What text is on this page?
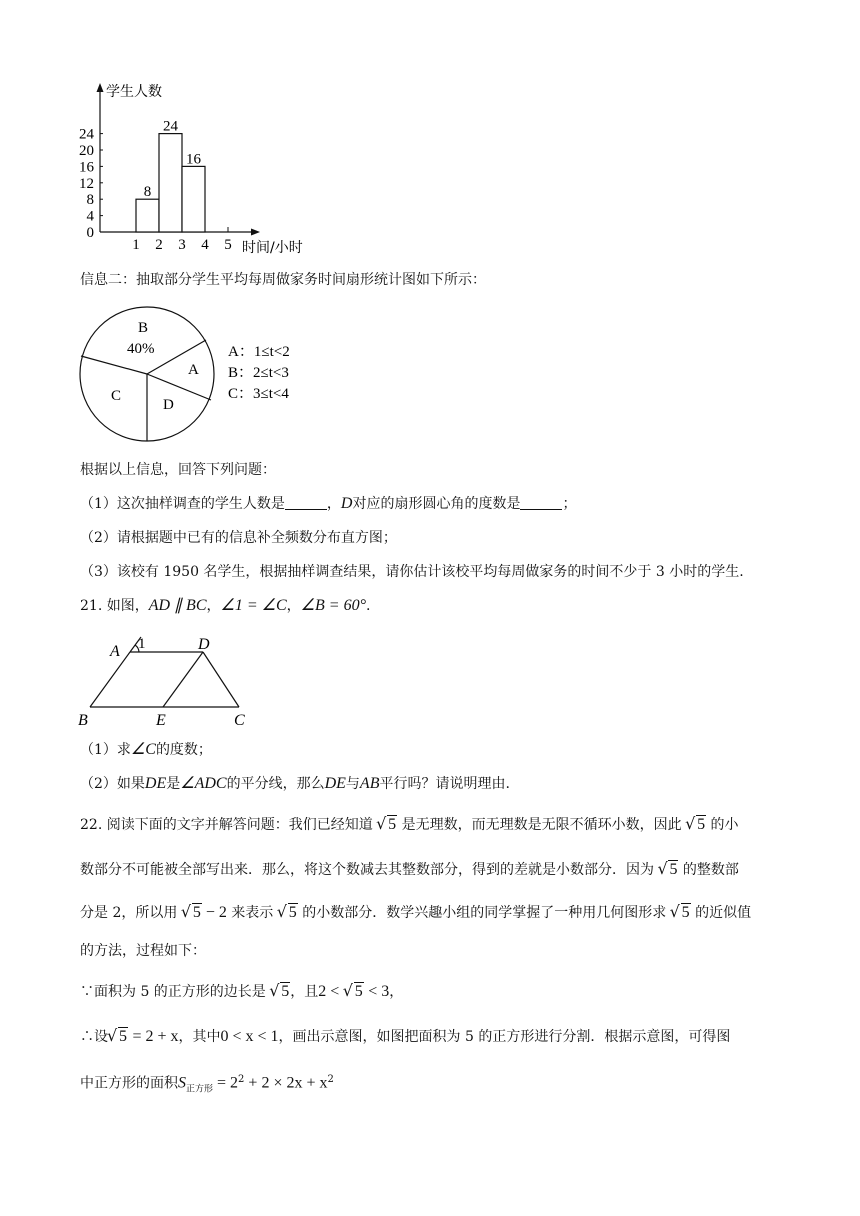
学生人数
24
20
16
12
8
4
0
1 2 3 4 5
8
24
16
时间/小时
信息二：抽取部分学生平均每周做家务时间扇形统计图如下所示：
B
40%
A
C
D
A：1≤t<2
B：2≤t<3
C：3≤t<4
根据以上信息，回答下列问题：
（1）这次抽样调查的学生人数是	，D对应的扇形圆心角的度数是	；
（2）请根据题中已有的信息补全频数分布直方图；
（3）该校有 1950 名学生，根据抽样调查结果，请你估计该校平均每周做家务的时间不少于 3 小时的学生.
21. 如图，AD ∥ BC，∠1 = ∠C，∠B = 60°.
A 1	D
B	E	C
（1）求∠C的度数；
（2）如果DE是∠ADC的平分线，那么DE与AB平行吗？请说明理由.
22. 阅读下面的文字并解答问题：我们已经知道 √ 5 是无理数，而无理数是无限不循环小数，因此 √ 5 的小
数部分不可能被全部写出来．那么，将这个数减去其整数部分，得到的差就是小数部分．因为 √ 5 的整数部
分是 2，所以用 √ 5 − 2 来表示 √ 5 的小数部分．数学兴趣小组的同学掌握了一种用几何图形求 √ 5 的近似值
的方法，过程如下：
∵面积为 5 的正方形的边长是 √ 5，且2 < √ 5 < 3，
∴设 √ 5 = 2 + x，其中0 < x < 1，画出示意图，如图把面积为 5 的正方形进行分割．根据示意图，可得图
中正方形的面积$S_{正方形} = 2^2 + 2 \times 2x + x^2$
